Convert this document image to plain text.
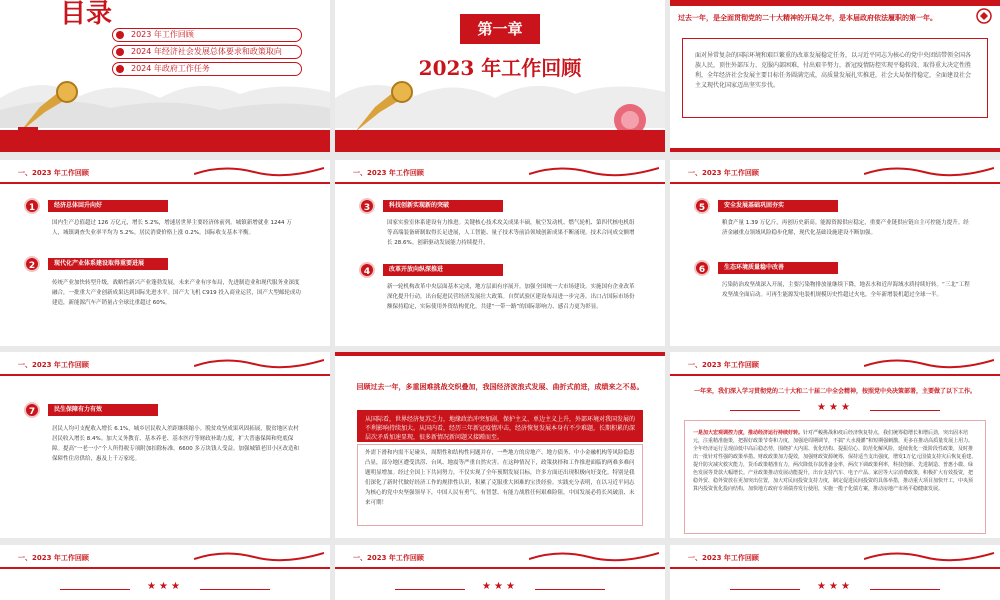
目录
2023 年工作回顾
2024 年经济社会发展总体要求和政策取向
2024 年政府工作任务
第一章
2023 年工作回顾
过去一年，是全面贯彻党的二十大精神的开局之年，是本届政府依法履职的第一年。
面对异常复杂的国际环境和艰巨繁重的改革发展稳定任务，以习近平同志为核心的党中央团结带领全国各族人民，顶住外部压力、克服内部困难，付出艰辛努力，新冠疫情防控实现平稳转段、取得重大决定性胜利，全年经济社会发展主要目标任务圆满完成，高质量发展扎实推进，社会大局保持稳定，全面建设社会主义现代化国家迈出坚实步伐。
一、2023 年工作回顾
1	经济总体回升向好
国内生产总值超过 126 万亿元，增长 5.2%，增速居世界主要经济体前列。城镇新增就业 1244 万人，城镇调查失业率平均为 5.2%。居民消费价格上涨 0.2%。国际收支基本平衡。
2	现代化产业体系建设取得重要进展
传统产业加快转型升级，战略性新兴产业蓬勃发展，未来产业有序布局，先进制造业和现代服务业深度融合，一批重大产业创新成果达到国际先进水平。国产大飞机 C919 投入商业运营，国产大型邮轮成功建造，新能源汽车产销量占全球比重超过 60%。
一、2023 年工作回顾
3	科技创新实现新的突破
国家实验室体系建设有力推进。关键核心技术攻关成果丰硕，航空发动机、燃气轮机、第四代核电机组等高端装备研制取得长足进展，人工智能、量子技术等前沿领域创新成果不断涌现。技术合同成交额增长 28.6%。创新驱动发展能力持续提升。
4	改革开放向纵深推进
新一轮机构改革中央层面基本完成，地方层面有序展开。加强全国统一大市场建设。实施国有企业改革深化提升行动，出台促进民营经济发展壮大政策。自贸试验区建设布局进一步完善。出口占国际市场份额保持稳定，实际使用外资结构优化。共建“一带一路”的国际影响力、感召力更为彰显。
一、2023 年工作回顾
5	安全发展基础巩固夯实
粮食产量 1.39 万亿斤，再创历史新高。能源资源供应稳定，重要产业链供应链自主可控能力提升。经济金融重点领域风险稳步化解，现代化基础设施建设不断加强。
6	生态环境质量稳中改善
污染防治攻坚战深入开展，主要污染物排放量继续下降，地表水和近岸海域水质持续好转。“三北”工程攻坚战全面启动。可再生能源发电装机规模历史性超过火电，全年新增装机超过全球一半。
一、2023 年工作回顾
7	民生保障有力有效
居民人均可支配收入增长 6.1%，城乡居民收入差距继续缩小。脱贫攻坚成果巩固拓展，脱贫地区农村居民收入增长 8.4%。加大义务教育、基本养老、基本医疗等财政补助力度，扩大普惠保障和兜底保障。提高“一老一小”个人所得税专项附加扣除标准。6600 多万块钱人受益。加强城镇老旧小区改造和保障性住房供给，惠及上千万家庭。
回顾过去一年，多重困难挑战交织叠加，我国经济波浪式发展、曲折式前进，成绩来之不易。
从国际看，世界经济复苏乏力，地缘政治冲突加剧，保护主义、单边主义上升，外部环境对我国发展的不利影响持续加大。从国内看，经历三年新冠疫情冲击，经济恢复发展本身有不少难题，长期积累的深层次矛盾加速显现，很多新情况新问题又接踵而至。
外需下滑和内需不足碰头，周期性和结构性问题并存，一些地方的房地产、地方债务、中小金融机构等风险隐患凸显，部分地区遭受洪涝、台风、地震等严重自然灾害。在这种情况下，政策抉择和工作推进面临的两难多难问题明显增加。经过全国上下共同努力，不仅实现了全年预期发展目标，许多方面还出现积极向好变化。特别是我们深化了新时代做好经济工作的规律性认识，积累了克服重大困难的宝贵经验。实践充分表明，在以习近平同志为核心的党中央坚强领导下，中国人民有勇气、有智慧、有能力战胜任何艰难险阻，中国发展必将长风破浪、未来可期！
一、2023 年工作回顾
一年来，我们深入学习贯彻党的二十大和二十届二中全会精神，按照党中央决策部署，主要做了以下工作。
★★★
一是加大宏观调控力度，推动经济运行持续好转。针对严峻挑战和疫后经济恢复特点，我们统筹稳增长和增后劲，突出固本培元，注重精准施策，把握好政策节奏和力度，加强逆周期调节，不搞“大水漫灌”和短期强刺激，更多在推动高质量发展上用力。全年经济运行呈现前低中高后稳态势，围绕扩大内需、优化结构、提振信心、防范化解风险，延续优化一批阶段性政策，及时推出一批针对性强的政策举措。财政政策加力提效，加强财政资源统筹，保持适当支出强度，增发1万亿元国债支持灾后恢复重建、提升防灾减灾救灾能力，货币政策精准有力，两次降低存款准备金率，两次下调政策利率，科技创新、先进制造、普惠小微、绿色发展等贷款大幅增长。产业政策推动发展动能提升，出台支持汽车、电子产品、家居等大宗消费政策，积极扩大有效投资，把稳外贸、稳外资放在更加突出位置，加大对民间投资支持力度，制定促进民间投资的具体举措，推动重大项目加快开工，中央预算内投资优化投向结构，加快地方政府专项债券发行使用，实施一揽子化债方案，推动房地产市场平稳健康发展。
一、2023 年工作回顾
★★★
一、2023 年工作回顾
★★★
一、2023 年工作回顾
★★★
